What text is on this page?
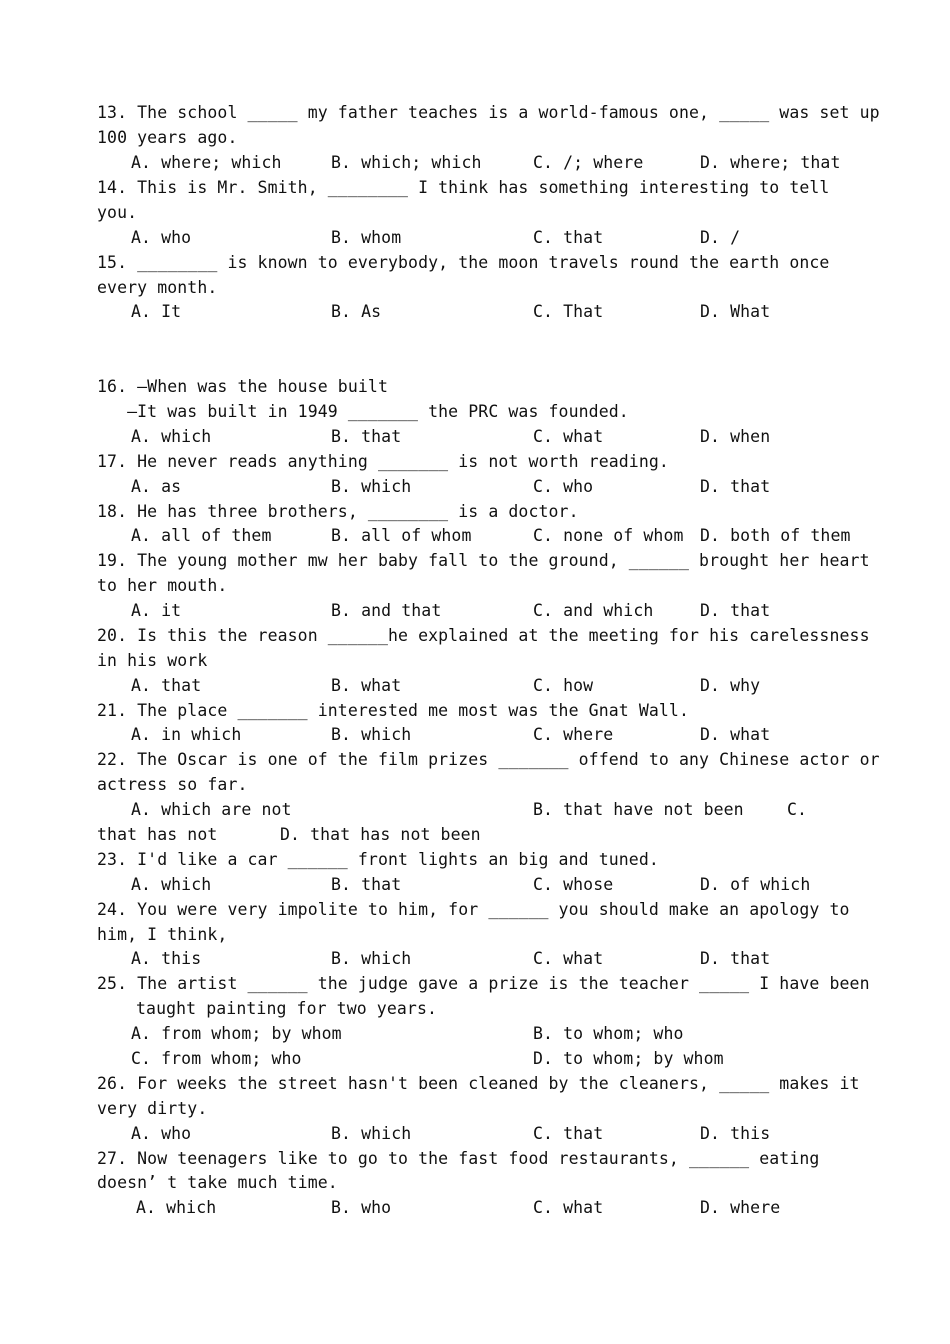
13. The school _____ my father teaches is a world-famous one, _____ was set up
100 years ago.
A. where; which	B. which; which	C. /; where	D. where; that
14. This is Mr. Smith, ________ I think has something interesting to tell
you.
A. who	B. whom	C. that	D. /
15. ________ is known to everybody, the moon travels round the earth once
every month.
A. It	B. As	C. That	D. What
16. —When was the house built
—It was built in 1949 _______ the PRC was founded.
A. which	B. that	C. what	D. when
17. He never reads anything _______ is not worth reading.
A. as	B. which	C. who	D. that
18. He has three brothers, ________ is a doctor.
A. all of them	B. all of whom	C. none of whom D. both of them
19. The young mother mw her baby fall to the ground, ______ brought her heart
to her mouth.
A. it	B. and that	C. and which	D. that
20. Is this the reason ______he explained at the meeting for his carelessness
in his work
A. that	B. what	C. how	D. why
21. The place _______ interested me most was the Gnat Wall.
A. in which	B. which	C. where	D. what
22. The Oscar is one of the film prizes _______ offend to any Chinese actor or
actress so far.
A. which are not	B. that have not been	C.
that has not	D. that has not been
23. I'd like a car ______ front lights an big and tuned.
A. which	B. that	C. whose	D. of which
24. You were very impolite to him, for ______ you should make an apology to
him, I think,
A. this	B. which	C. what	D. that
25. The artist ______ the judge gave a prize is the teacher _____ I have been
taught painting for two years.
A. from whom; by whom	B. to whom; who
C. from whom; who	D. to whom; by whom
26. For weeks the street hasn't been cleaned by the cleaners, _____ makes it
very dirty.
A. who	B. which	C. that	D. this
27. Now teenagers like to go to the fast food restaurants, ______ eating
doesn’ t take much time.
A. which	B. who	C. what	D. where
